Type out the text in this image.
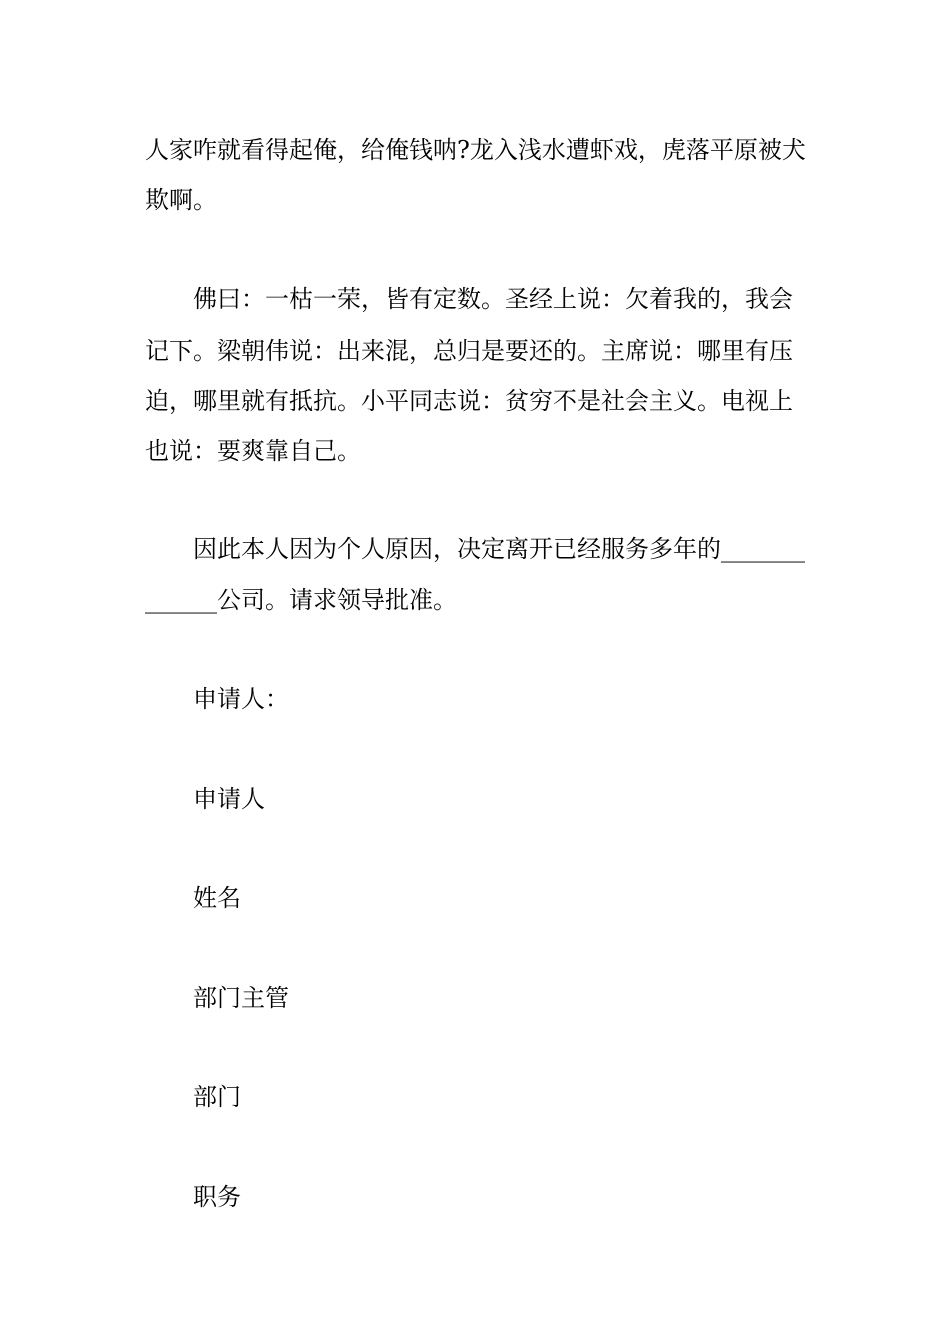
人家咋就看得起俺，给俺钱呐?龙入浅水遭虾戏，虎落平原被犬
欺啊。
佛曰：一枯一荣，皆有定数。圣经上说：欠着我的，我会
记下。梁朝伟说：出来混，总归是要还的。主席说：哪里有压
迫，哪里就有抵抗。小平同志说：贫穷不是社会主义。电视上
也说：要爽靠自己。
因此本人因为个人原因，决定离开已经服务多年的_______
______公司。请求领导批准。
申请人：
申请人
姓名
部门主管
部门
职务
